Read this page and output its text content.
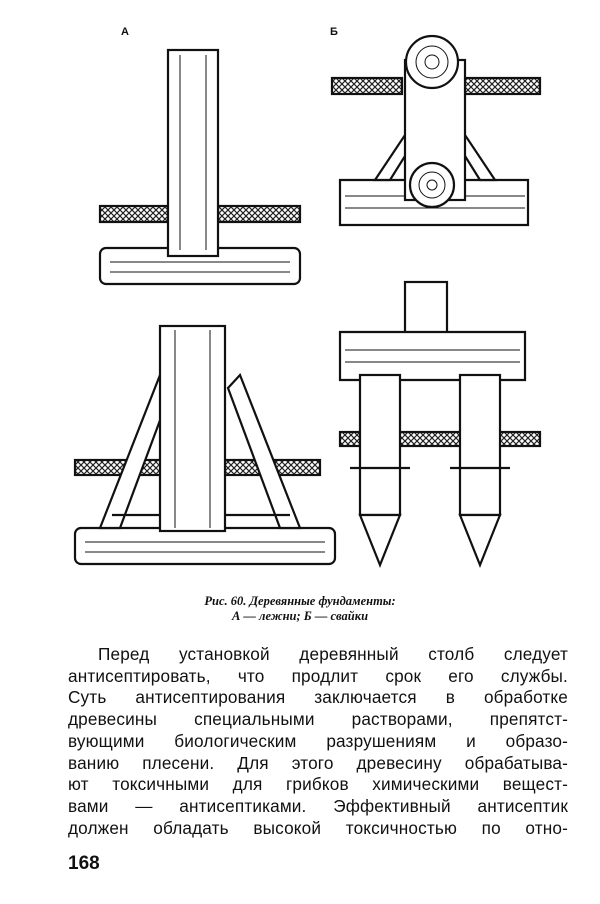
А	Б
Рис. 60. Деревянные фундаменты:
А — лежни; Б — свайки
Перед установкой деревянный столб следует
антисептировать, что продлит срок его службы.
Суть антисептирования заключается в обработке
древесины специальными растворами, препятст-
вующими биологическим разрушениям и образо-
ванию плесени. Для этого древесину обрабатыва-
ют токсичными для грибков химическими вещест-
вами — антисептиками. Эффективный антисептик
должен обладать высокой токсичностью по отно-
168
